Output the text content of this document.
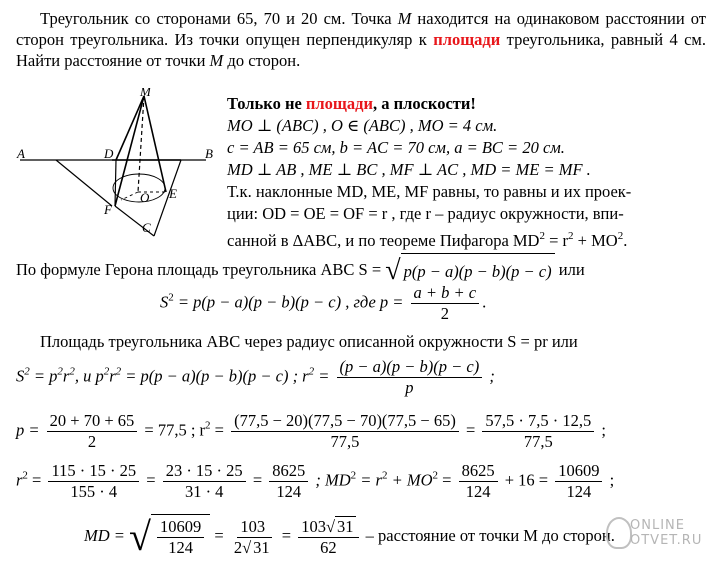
Треугольник со сторонами 65, 70 и 20 см. Точка M находится на одинаковом расстоянии от сторон треугольника. Из точки опущен перпендикуляр к площади треугольника, равный 4 см. Найти расстояние от точки M до сторон.
M
A	B
D
F
O E
C
Только не площади, а плоскости!
MO ⊥ (ABC) , O ∈ (ABC) , MO = 4 см.
c = AB = 65 см, b = AC = 70 см, a = BC = 20 см.
MD ⊥ AB , ME ⊥ BC , MF ⊥ AC , MD = ME = MF .
Т.к. наклонные MD, ME, MF равны, то равны и их проек-
ции: OD = OE = OF = r , где r – радиус окружности, впи-
санной в ΔABC, и по теореме Пифагора $MD^2 = r^2 + MO^2$.
По формуле Герона площадь треугольника ABC S = √ p(p − a)(p − b)(p − c) или
$S^2 = p(p - a)(p - b)(p - c)$ , где $p = \frac{a + b + c}{2}$ .
Площадь треугольника ABC через радиус описанной окружности S = pr или
$S^2 = p^2r^2$, и $p^2r^2 = p(p - a)(p - b)(p - c)$ ; $r^2 = \frac{(p - a)(p - b)(p - c)}{p}$ ;
$p = \frac{20 + 70 + 65}{2} = 77,5$ ; $r^2 = \frac{(77,5 - 20)(77,5 - 70)(77,5 - 65)}{77,5} = \frac{57,5 \cdot 7,5 \cdot 12,5}{77,5}$ ;
$r^2 = \frac{115 \cdot 15 \cdot 25}{155 \cdot 4} = \frac{23 \cdot 15 \cdot 25}{31 \cdot 4} = \frac{8625}{124}$ ; $MD^2 = r^2 + MO^2 = \frac{8625}{124} + 16 = \frac{10609}{124}$ ;
MD = √ $\frac{10609}{124} = \frac{103}{2√ 31} = \frac{103√ 31}{62}$ – расстояние от точки M до сторон.
ONLINE
OTVET.RU
